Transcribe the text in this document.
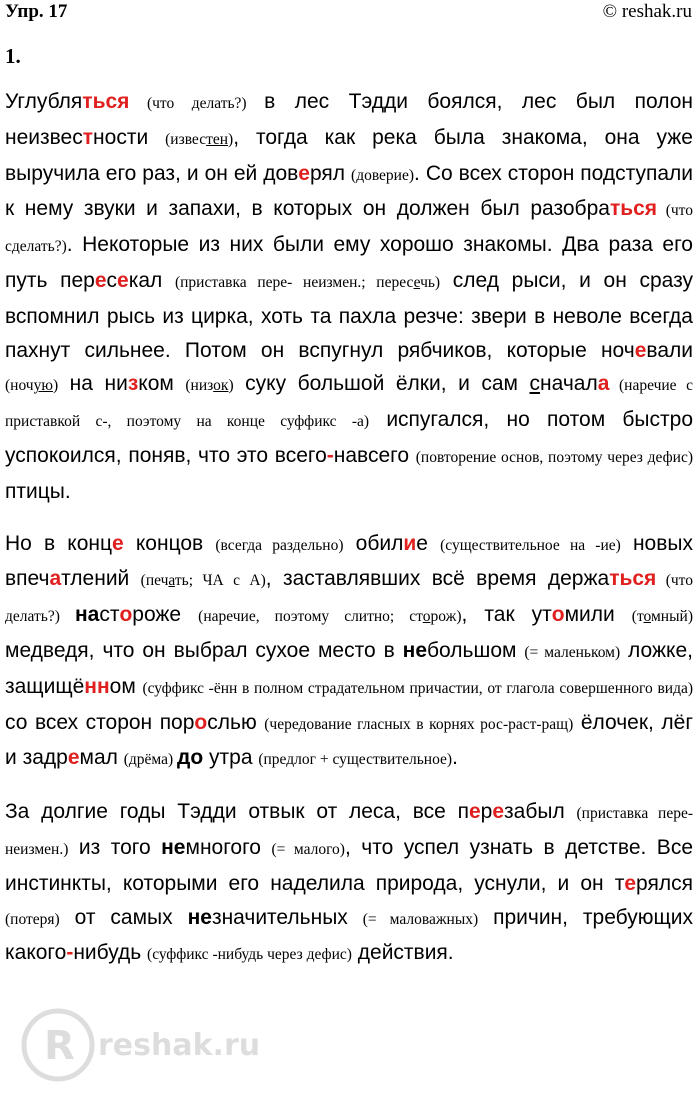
Упр. 17	© reshak.ru
1.

Углубляться (что делать?) в лес Тэдди боялся, лес был полон неизвестности (известен), тогда как река была знакома, она уже выручила его раз, и он ей доверял (доверие). Со всех сторон подступали к нему звуки и запахи, в которых он должен был разобраться (что сделать?). Некоторые из них были ему хорошо знакомы. Два раза его путь пересекал (приставка пере- неизмен.; пересечь) след рыси, и он сразу вспомнил рысь из цирка, хоть та пахла резче: звери в неволе всегда пахнут сильнее. Потом он вспугнул рябчиков, которые ночевали (ночую) на низком (низок) суку большой ёлки, и сам сначала (наречие с приставкой с-, поэтому на конце суффикс -а) испугался, но потом быстро успокоился, поняв, что это всего-навсего (повторение основ, поэтому через дефис) птицы.

Но в конце концов (всегда раздельно) обилие (существительное на -ие) новых впечатлений (печать; ЧА с А), заставлявших всё время держаться (что делать?) настороже (наречие, поэтому слитно; сторож), так утомили (томный) медведя, что он выбрал сухое место в небольшом (= маленьком) ложке, защищённом (суффикс -ённ в полном страдательном причастии, от глагола совершенного вида) со всех сторон порослью (чередование гласных в корнях рос-раст-ращ) ёлочек, лёг и задремал (дрёма) до утра (предлог + существительное).

За долгие годы Тэдди отвык от леса, все перезабыл (приставка пере- неизмен.) из того немногого (= малого), что успел узнать в детстве. Все инстинкты, которыми его наделила природа, уснули, и он терялся (потеря) от самых незначительных (= маловажных) причин, требующих какого-нибудь (суффикс -нибудь через дефис) действия.

R reshak.ru
